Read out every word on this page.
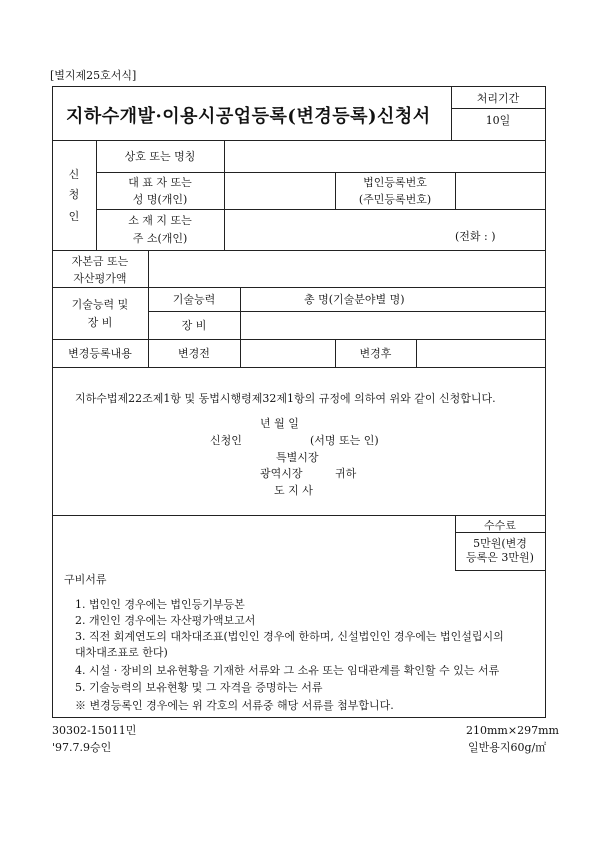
[별지제25호서식]
지하수개발·이용시공업등록(변경등록)신청서
처리기간
10일
신
청
인
상호 또는 명칭
대 표 자 또는
성 명(개인)
법인등록번호
(주민등록번호)
소 재 지 또는
주 소(개인)	(전화 : )
자본금 또는
자산평가액
기술능력 및
장 비
기술능력	총 명(기술분야별 명)
장 비
변경등록내용	변경전	변경후
지하수법제22조제1항 및 동법시행령제32제1항의 규정에 의하여 위와 같이 신청합니다.
년 월 일
신청인	(서명 또는 인)
특별시장
광역시장	귀하
도 지 사
수수료
5만원(변경
등록은 3만원)
구비서류
1. 법인인 경우에는 법인등기부등본
2. 개인인 경우에는 자산평가액보고서
3. 직전 회계연도의 대차대조표(법인인 경우에 한하며, 신설법인인 경우에는 법인설립시의
대차대조표로 한다)
4. 시설 · 장비의 보유현황을 기재한 서류와 그 소유 또는 임대관계를 확인할 수 있는 서류
5. 기술능력의 보유현황 및 그 자격을 증명하는 서류
※ 변경등록인 경우에는 위 각호의 서류중 해당 서류를 첨부합니다.
30302-15011민
'97.7.9승인
210mm×297mm
일반용지60g/㎡
